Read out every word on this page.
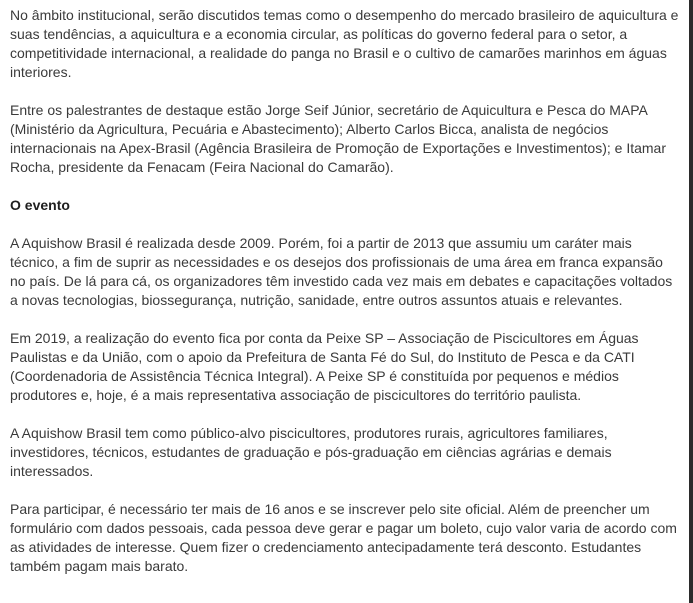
No âmbito institucional, serão discutidos temas como o desempenho do mercado brasileiro de aquicultura e suas tendências, a aquicultura e a economia circular, as políticas do governo federal para o setor, a competitividade internacional, a realidade do panga no Brasil e o cultivo de camarões marinhos em águas interiores.

Entre os palestrantes de destaque estão Jorge Seif Júnior, secretário de Aquicultura e Pesca do MAPA (Ministério da Agricultura, Pecuária e Abastecimento); Alberto Carlos Bicca, analista de negócios internacionais na Apex-Brasil (Agência Brasileira de Promoção de Exportações e Investimentos); e Itamar Rocha, presidente da Fenacam (Feira Nacional do Camarão).

O evento

A Aquishow Brasil é realizada desde 2009. Porém, foi a partir de 2013 que assumiu um caráter mais técnico, a fim de suprir as necessidades e os desejos dos profissionais de uma área em franca expansão no país. De lá para cá, os organizadores têm investido cada vez mais em debates e capacitações voltados a novas tecnologias, biossegurança, nutrição, sanidade, entre outros assuntos atuais e relevantes.

Em 2019, a realização do evento fica por conta da Peixe SP – Associação de Piscicultores em Águas Paulistas e da União, com o apoio da Prefeitura de Santa Fé do Sul, do Instituto de Pesca e da CATI (Coordenadoria de Assistência Técnica Integral). A Peixe SP é constituída por pequenos e médios produtores e, hoje, é a mais representativa associação de piscicultores do território paulista.

A Aquishow Brasil tem como público-alvo piscicultores, produtores rurais, agricultores familiares, investidores, técnicos, estudantes de graduação e pós-graduação em ciências agrárias e demais interessados.

Para participar, é necessário ter mais de 16 anos e se inscrever pelo site oficial. Além de preencher um formulário com dados pessoais, cada pessoa deve gerar e pagar um boleto, cujo valor varia de acordo com as atividades de interesse. Quem fizer o credenciamento antecipadamente terá desconto. Estudantes também pagam mais barato.
